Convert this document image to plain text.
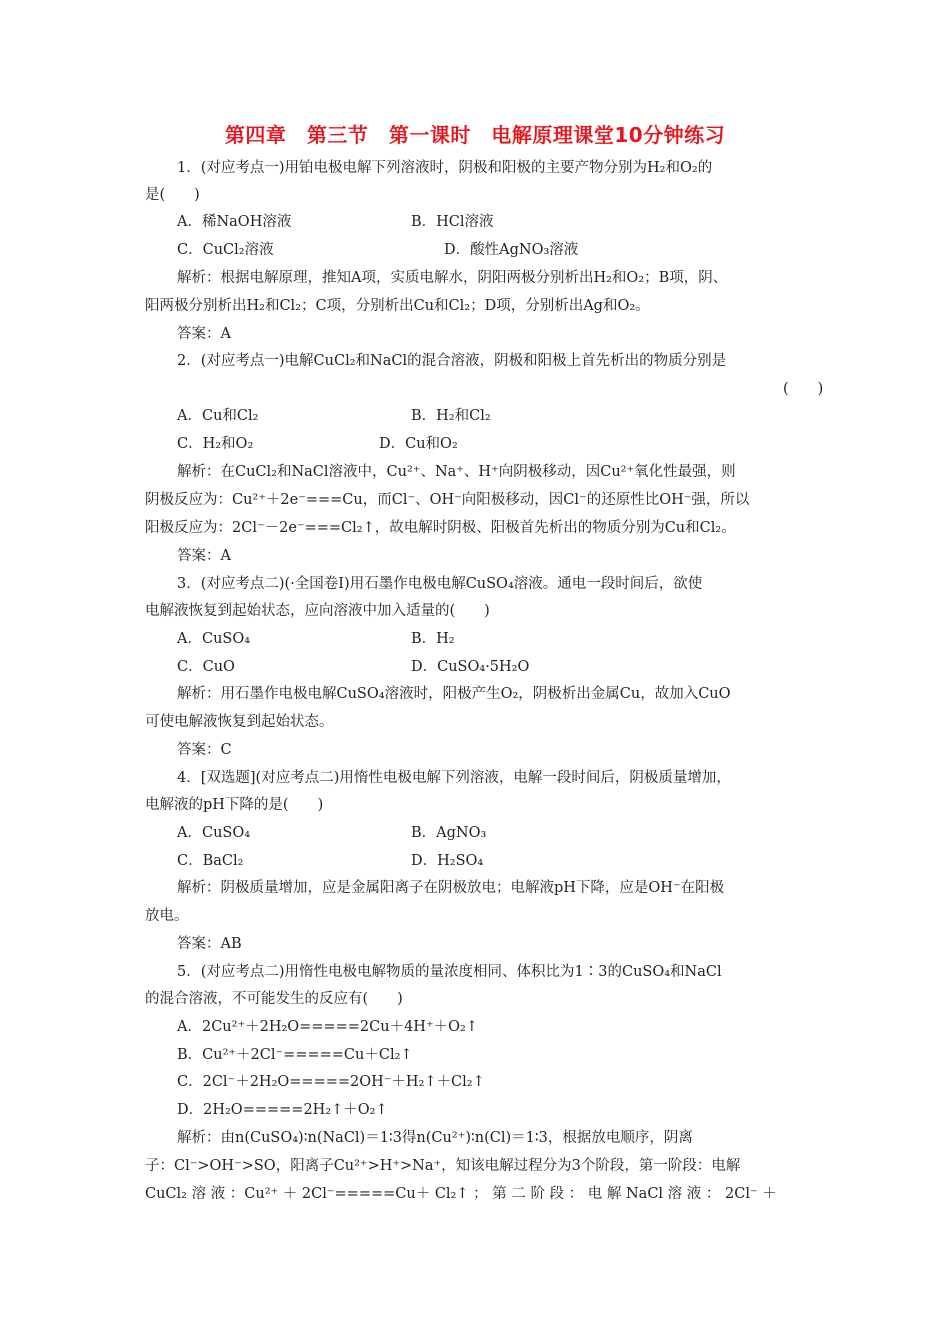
第四章　第三节　第一课时　电解原理课堂10分钟练习
1．(对应考点一)用铂电极电解下列溶液时，阴极和阳极的主要产物分别为H₂和O₂的
是(　　)
A．稀NaOH溶液	B．HCl溶液
C．CuCl₂溶液	D．酸性AgNO₃溶液
解析：根据电解原理，推知A项，实质电解水，阴阳两极分别析出H₂和O₂；B项，阴、
阳两极分别析出H₂和Cl₂；C项，分别析出Cu和Cl₂；D项，分别析出Ag和O₂。
答案：A
2．(对应考点一)电解CuCl₂和NaCl的混合溶液，阴极和阳极上首先析出的物质分别是
(　　)
A．Cu和Cl₂	B．H₂和Cl₂
C．H₂和O₂	D．Cu和O₂
解析：在CuCl₂和NaCl溶液中，Cu²⁺、Na⁺、H⁺向阴极移动，因Cu²⁺氧化性最强，则
阴极反应为：Cu²⁺＋2e⁻===Cu，而Cl⁻、OH⁻向阳极移动，因Cl⁻的还原性比OH⁻强，所以
阳极反应为：2Cl⁻－2e⁻===Cl₂↑，故电解时阴极、阳极首先析出的物质分别为Cu和Cl₂。
答案：A
3．(对应考点二)(·全国卷Ⅰ)用石墨作电极电解CuSO₄溶液。通电一段时间后，欲使
电解液恢复到起始状态，应向溶液中加入适量的(　　)
A．CuSO₄	B．H₂
C．CuO	D．CuSO₄·5H₂O
解析：用石墨作电极电解CuSO₄溶液时，阳极产生O₂，阴极析出金属Cu，故加入CuO
可使电解液恢复到起始状态。
答案：C
4．[双选题](对应考点二)用惰性电极电解下列溶液，电解一段时间后，阴极质量增加，
电解液的pH下降的是(　　)
A．CuSO₄	B．AgNO₃
C．BaCl₂	D．H₂SO₄
解析：阴极质量增加，应是金属阳离子在阴极放电；电解液pH下降，应是OH⁻在阳极
放电。
答案：AB
5．(对应考点二)用惰性电极电解物质的量浓度相同、体积比为1∶3的CuSO₄和NaCl
的混合溶液，不可能发生的反应有(　　)
A．2Cu²⁺＋2H₂O=====2Cu＋4H⁺＋O₂↑
B．Cu²⁺＋2Cl⁻=====Cu＋Cl₂↑
C．2Cl⁻＋2H₂O=====2OH⁻＋H₂↑＋Cl₂↑
D．2H₂O=====2H₂↑＋O₂↑
解析：由n(CuSO₄)∶n(NaCl)＝1∶3得n(Cu²⁺)∶n(Cl)＝1∶3，根据放电顺序，阴离
子：Cl⁻>OH⁻>SO，阳离子Cu²⁺>H⁺>Na⁺，知该电解过程分为3个阶段，第一阶段：电解
CuCl₂ 溶 液 ：Cu²⁺ ＋ 2Cl⁻=====Cu＋ Cl₂↑ ； 第 二 阶 段 ： 电 解 NaCl 溶 液 ： 2Cl⁻ ＋
